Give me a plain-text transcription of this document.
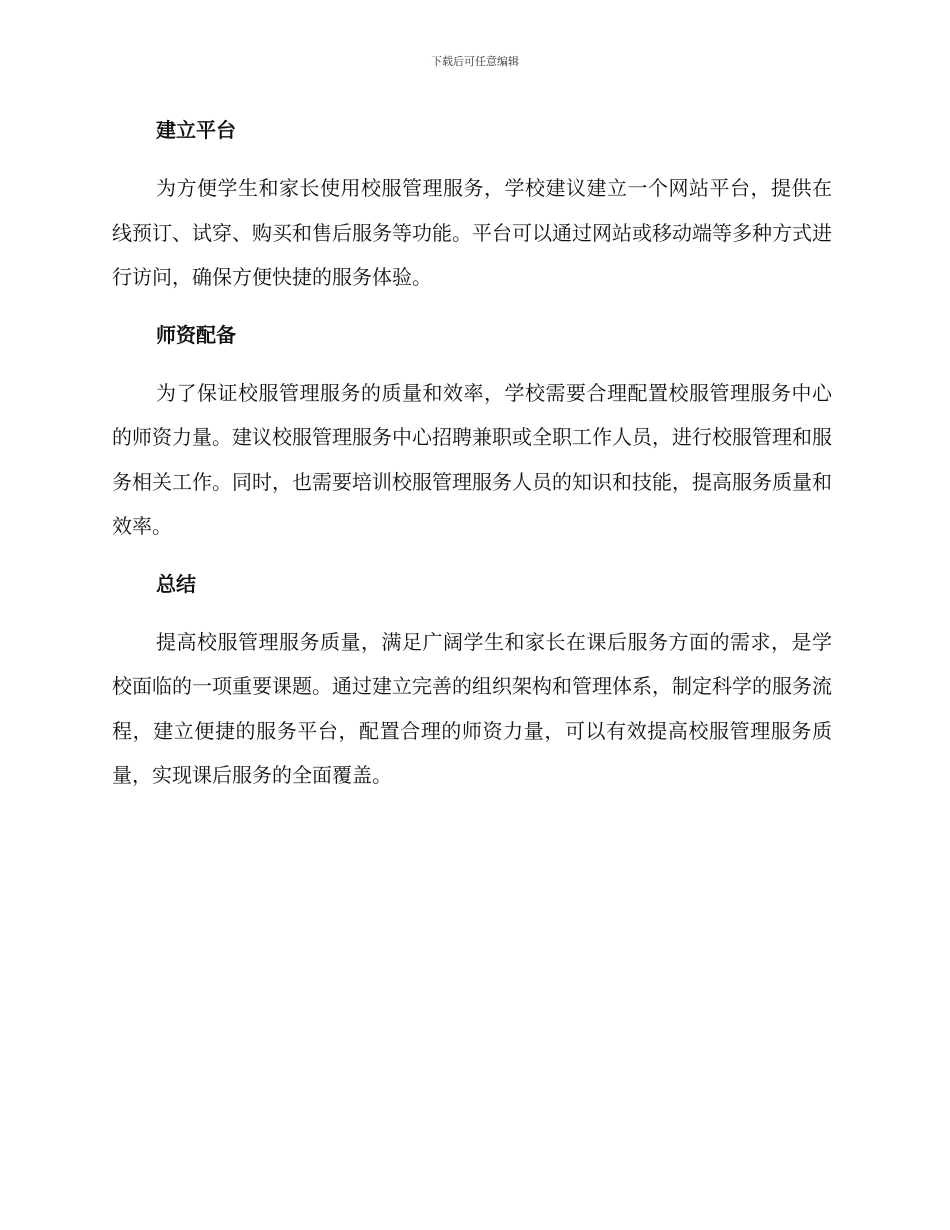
下载后可任意编辑
建立平台
为方便学生和家长使用校服管理服务，学校建议建立一个网站平台，提供在线预订、试穿、购买和售后服务等功能。平台可以通过网站或移动端等多种方式进行访问，确保方便快捷的服务体验。
师资配备
为了保证校服管理服务的质量和效率，学校需要合理配置校服管理服务中心的师资力量。建议校服管理服务中心招聘兼职或全职工作人员，进行校服管理和服务相关工作。同时，也需要培训校服管理服务人员的知识和技能，提高服务质量和效率。
总结
提高校服管理服务质量，满足广阔学生和家长在课后服务方面的需求，是学校面临的一项重要课题。通过建立完善的组织架构和管理体系，制定科学的服务流程，建立便捷的服务平台，配置合理的师资力量，可以有效提高校服管理服务质量，实现课后服务的全面覆盖。
